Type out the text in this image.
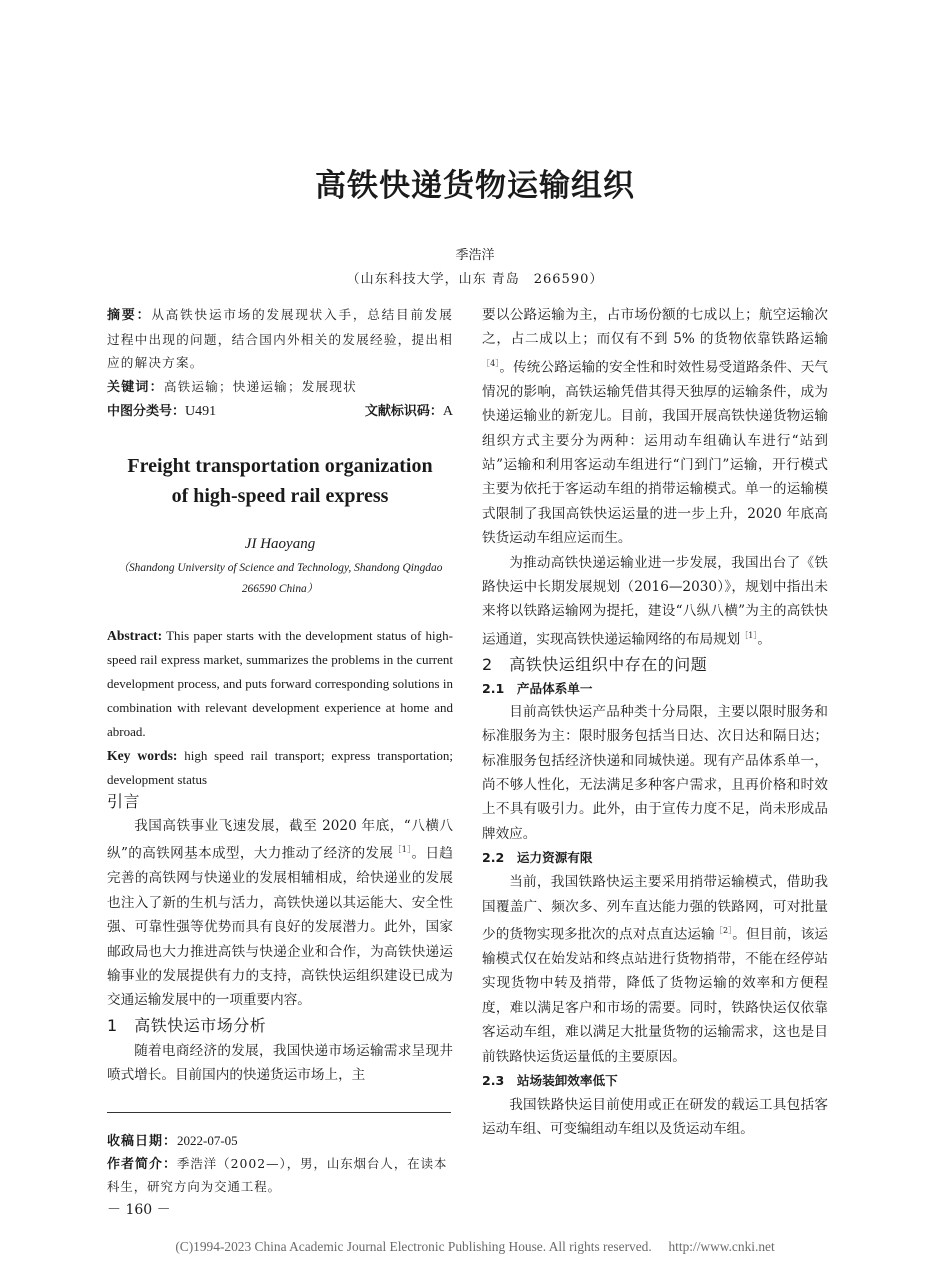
高铁快递货物运输组织
季浩洋
（山东科技大学，山东 青岛　266590）

摘要：从高铁快运市场的发展现状入手，总结目前发展过程中出现的问题，结合国内外相关的发展经验，提出相应的解决方案。

关键词：高铁运输；快递运输；发展现状

中图分类号：U491	文献标识码：A
Freight transportation organization
of high-speed rail express
JI Haoyang
（Shandong University of Science and Technology, Shandong Qingdao
266590 China）

Abstract: This paper starts with the development status of high-speed rail express market, summarizes the problems in the current development process, and puts forward corresponding solutions in combination with relevant development experience at home and abroad.

Key words: high speed rail transport; express transportation; development status

引言

我国高铁事业飞速发展，截至 2020 年底，“八横八纵”的高铁网基本成型，大力推动了经济的发展$^{[1]}$。日趋完善的高铁网与快递业的发展相辅相成，给快递业的发展也注入了新的生机与活力，高铁快递以其运能大、安全性强、可靠性强等优势而具有良好的发展潜力。此外，国家邮政局也大力推进高铁与快递企业和合作，为高铁快递运输事业的发展提供有力的支持，高铁快运组织建设已成为交通运输发展中的一项重要内容。

1　 高铁快运市场分析

随着电商经济的发展，我国快递市场运输需求呈现井喷式增长。目前国内的快递货运市场上，主

收稿日期：2022-07-05
作者简介：季浩洋（2002—），男，山东烟台人，在读本科生，研究方向为交通工程。
－ 160 －

要以公路运输为主，占市场份额的七成以上；航空运输次之，占二成以上；而仅有不到 5% 的货物依靠铁路运输$^{[4]}$。传统公路运输的安全性和时效性易受道路条件、天气情况的影响，高铁运输凭借其得天独厚的运输条件，成为快递运输业的新宠儿。目前，我国开展高铁快递货物运输组织方式主要分为两种：运用动车组确认车进行“站到站”运输和利用客运动车组进行“门到门”运输，开行模式主要为依托于客运动车组的捎带运输模式。单一的运输模式限制了我国高铁快运运量的进一步上升，2020 年底高铁货运动车组应运而生。

为推动高铁快递运输业进一步发展，我国出台了《铁路快运中长期发展规划（2016—2030）》，规划中指出未来将以铁路运输网为提托，建设“八纵八横”为主的高铁快运通道，实现高铁快递运输网络的布局规划$^{[1]}$。

2　 高铁快运组织中存在的问题
2.1　 产品体系单一

目前高铁快运产品种类十分局限，主要以限时服务和标准服务为主：限时服务包括当日达、次日达和隔日达；标准服务包括经济快递和同城快递。现有产品体系单一，尚不够人性化，无法满足多种客户需求，且再价格和时效上不具有吸引力。此外，由于宣传力度不足，尚未形成品牌效应。

2.2　 运力资源有限

当前，我国铁路快运主要采用捎带运输模式，借助我国覆盖广、频次多、列车直达能力强的铁路网，可对批量少的货物实现多批次的点对点直达运输$^{[2]}$。但目前，该运输模式仅在始发站和终点站进行货物捎带，不能在经停站实现货物中转及捎带，降低了货物运输的效率和方便程度，难以满足客户和市场的需要。同时，铁路快运仅依靠客运动车组，难以满足大批量货物的运输需求，这也是目前铁路快运货运量低的主要原因。

2.3　 站场装卸效率低下

我国铁路快运目前使用或正在研发的载运工具包括客运动车组、可变编组动车组以及货运动车组。

(C)1994-2023 China Academic Journal Electronic Publishing House. All rights reserved.　 http://www.cnki.net
